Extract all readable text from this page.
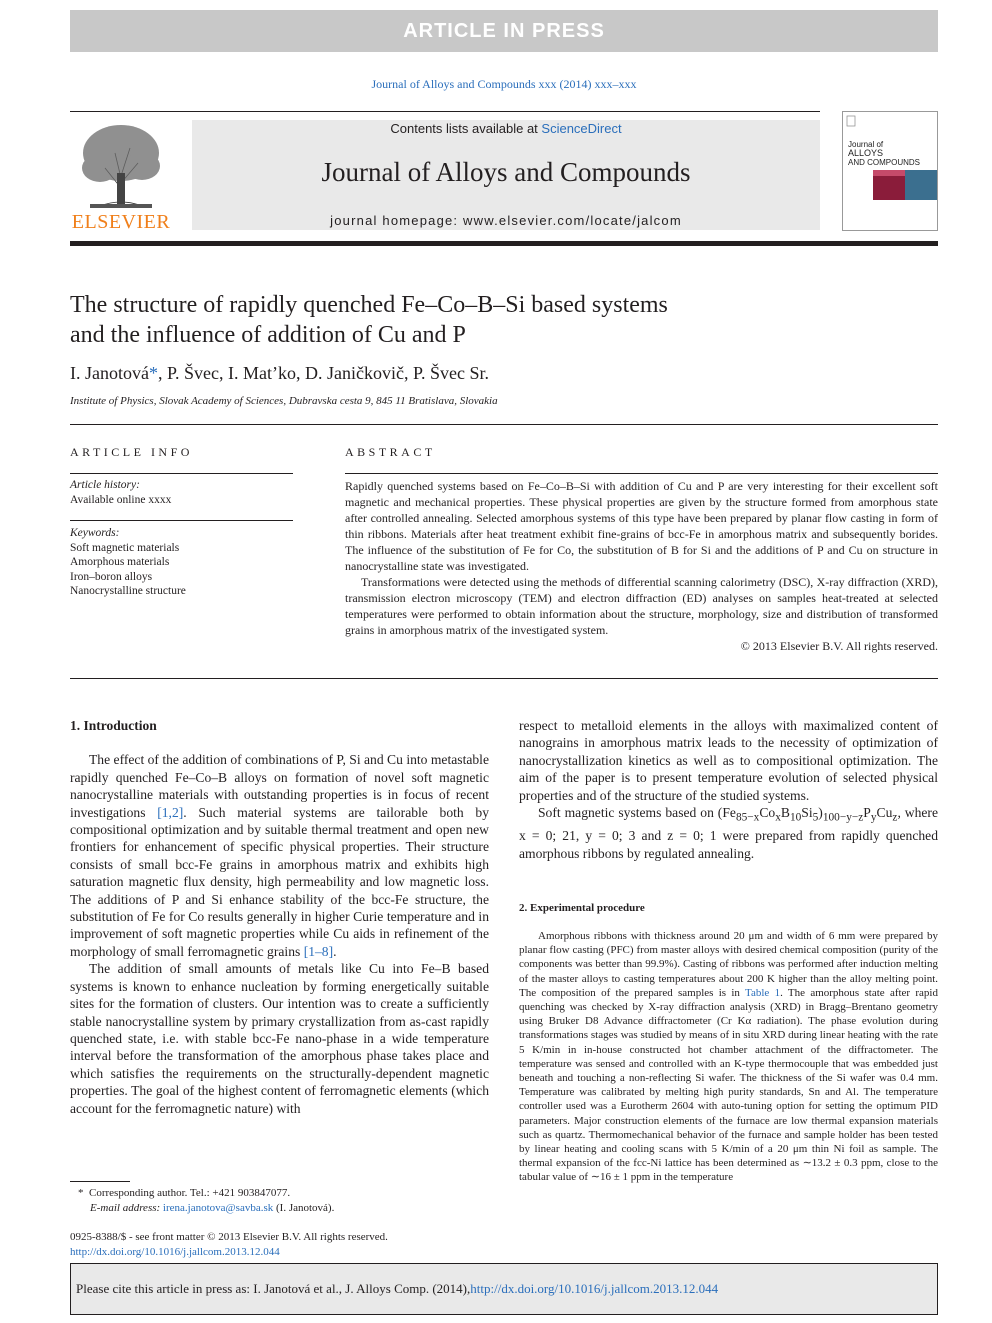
ARTICLE IN PRESS
Journal of Alloys and Compounds xxx (2014) xxx–xxx
ELSEVIER
Contents lists available at ScienceDirect
Journal of Alloys and Compounds
journal homepage: www.elsevier.com/locate/jalcom
Journal of
ALLOYS
AND COMPOUNDS
The structure of rapidly quenched Fe–Co–B–Si based systems
and the influence of addition of Cu and P
I. Janotová*, P. Švec, I. Mat’ko, D. Janičkovič, P. Švec Sr.
Institute of Physics, Slovak Academy of Sciences, Dubravska cesta 9, 845 11 Bratislava, Slovakia
ARTICLE INFO
Article history:
Available online xxxx
Keywords:
Soft magnetic materials
Amorphous materials
Iron–boron alloys
Nanocrystalline structure
ABSTRACT

Rapidly quenched systems based on Fe–Co–B–Si with addition of Cu and P are very interesting for their excellent soft magnetic and mechanical properties. These physical properties are given by the structure formed from amorphous state after controlled annealing. Selected amorphous systems of this type have been prepared by planar flow casting in form of thin ribbons. Materials after heat treatment exhibit fine-grains of bcc-Fe in amorphous matrix and subsequently borides. The influence of the substitution of Fe for Co, the substitution of B for Si and the additions of P and Cu on structure in nanocrystalline state was investigated.

Transformations were detected using the methods of differential scanning calorimetry (DSC), X-ray diffraction (XRD), transmission electron microscopy (TEM) and electron diffraction (ED) analyses on samples heat-treated at selected temperatures were performed to obtain information about the structure, morphology, size and distribution of transformed grains in amorphous matrix of the investigated system.

© 2013 Elsevier B.V. All rights reserved.
1. Introduction

The effect of the addition of combinations of P, Si and Cu into metastable rapidly quenched Fe–Co–B alloys on formation of novel soft magnetic nanocrystalline materials with outstanding properties is in focus of recent investigations [1,2]. Such material systems are tailorable both by compositional optimization and by suitable thermal treatment and open new frontiers for enhancement of specific physical properties. Their structure consists of small bcc-Fe grains in amorphous matrix and exhibits high saturation magnetic flux density, high permeability and low magnetic loss. The additions of P and Si enhance stability of the bcc-Fe structure, the substitution of Fe for Co results generally in higher Curie temperature and in improvement of soft magnetic properties while Cu aids in refinement of the morphology of small ferromagnetic grains [1–8].

The addition of small amounts of metals like Cu into Fe–B based systems is known to enhance nucleation by forming energetically suitable sites for the formation of clusters. Our intention was to create a sufficiently stable nanocrystalline system by primary crystallization from as-cast rapidly quenched state, i.e. with stable bcc-Fe nano-phase in a wide temperature interval before the transformation of the amorphous phase takes place and which satisfies the requirements on the structurally-dependent magnetic properties. The goal of the highest content of ferromagnetic elements (which account for the ferromagnetic nature) with

respect to metalloid elements in the alloys with maximalized content of nanograins in amorphous matrix leads to the necessity of optimization of nanocrystallization kinetics as well as to compositional optimization. The aim of the paper is to present temperature evolution of selected physical properties and of the structure of the studied systems.

Soft magnetic systems based on $(Fe_{85-x}Co_xB_{10}Si_5)_{100-y-z}P_yCu_z$, where x = 0; 21, y = 0; 3 and z = 0; 1 were prepared from rapidly quenched amorphous ribbons by regulated annealing.

2. Experimental procedure

Amorphous ribbons with thickness around 20 μm and width of 6 mm were prepared by planar flow casting (PFC) from master alloys with desired chemical composition (purity of the components was better than 99.9%). Casting of ribbons was performed after induction melting of the master alloys to casting temperatures about 200 K higher than the alloy melting point. The composition of the prepared samples is in Table 1. The amorphous state after rapid quenching was checked by X-ray diffraction analysis (XRD) in Bragg–Brentano geometry using Bruker D8 Advance diffractometer (Cr Kα radiation). The phase evolution during transformations stages was studied by means of in situ XRD during linear heating with the rate 5 K/min in in-house constructed hot chamber attachment of the diffractometer. The temperature was sensed and controlled with an K-type thermocouple that was embedded just beneath and touching a non-reflecting Si wafer. The thickness of the Si wafer was 0.4 mm. Temperature was calibrated by melting high purity standards, Sn and Al. The temperature controller used was a Eurotherm 2604 with auto-tuning option for setting the optimum PID parameters. Major construction elements of the furnace are low thermal expansion materials such as quartz. Thermomechanical behavior of the furnace and sample holder has been tested by linear heating and cooling scans with 5 K/min of a 20 μm thin Ni foil as sample. The thermal expansion of the fcc-Ni lattice has been determined as ∼13.2 ± 0.3 ppm, close to the tabular value of ∼16 ± 1 ppm in the temperature

* Corresponding author. Tel.: +421 903847077.
E-mail address: irena.janotova@savba.sk (I. Janotová).
0925-8388/$ - see front matter © 2013 Elsevier B.V. All rights reserved.
http://dx.doi.org/10.1016/j.jallcom.2013.12.044
Please cite this article in press as: I. Janotová et al., J. Alloys Comp. (2014), http://dx.doi.org/10.1016/j.jallcom.2013.12.044
